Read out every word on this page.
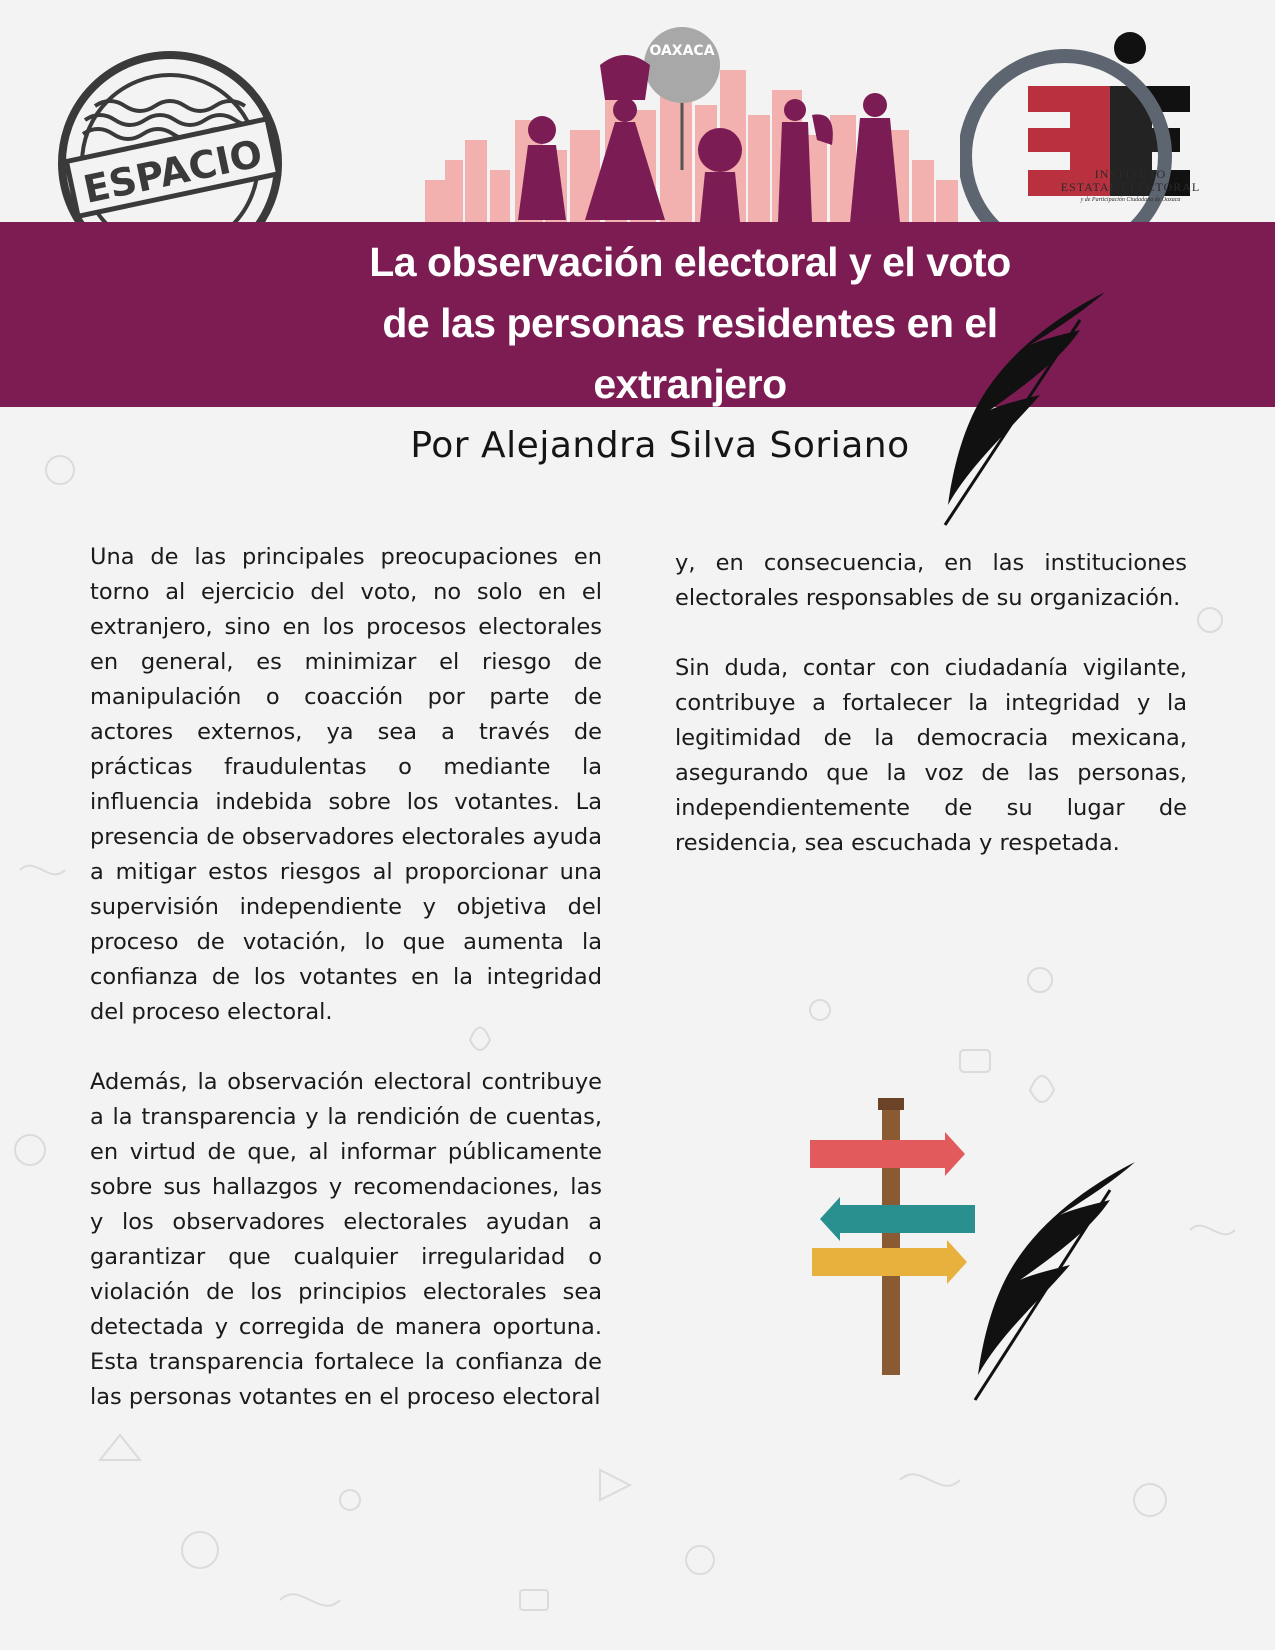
ESPACIO
OAXACA
INSTITUTO
ESTATAL ELECTORAL
y de Participación Ciudadana de Oaxaca
La observación electoral y el voto
de las personas residentes en el
extranjero
Por Alejandra Silva Soriano

Una de las principales preocupaciones en torno al ejercicio del voto, no solo en el extranjero, sino en los procesos electorales en general, es minimizar el riesgo de manipulación o coacción por parte de actores externos, ya sea a través de prácticas fraudulentas o mediante la influencia indebida sobre los votantes. La presencia de observadores electorales ayuda a mitigar estos riesgos al proporcionar una supervisión independiente y objetiva del proceso de votación, lo que aumenta la confianza de los votantes en la integridad del proceso electoral.

Además, la observación electoral contribuye a la transparencia y la rendición de cuentas, en virtud de que, al informar públicamente sobre sus hallazgos y recomendaciones, las y los observadores electorales ayudan a garantizar que cualquier irregularidad o violación de los principios electorales sea detectada y corregida de manera oportuna. Esta transparencia fortalece la confianza de las personas votantes en el proceso electoral

y, en consecuencia, en las instituciones electorales responsables de su organización.

Sin duda, contar con ciudadanía vigilante, contribuye a fortalecer la integridad y la legitimidad de la democracia mexicana, asegurando que la voz de las personas, independientemente de su lugar de residencia, sea escuchada y respetada.
